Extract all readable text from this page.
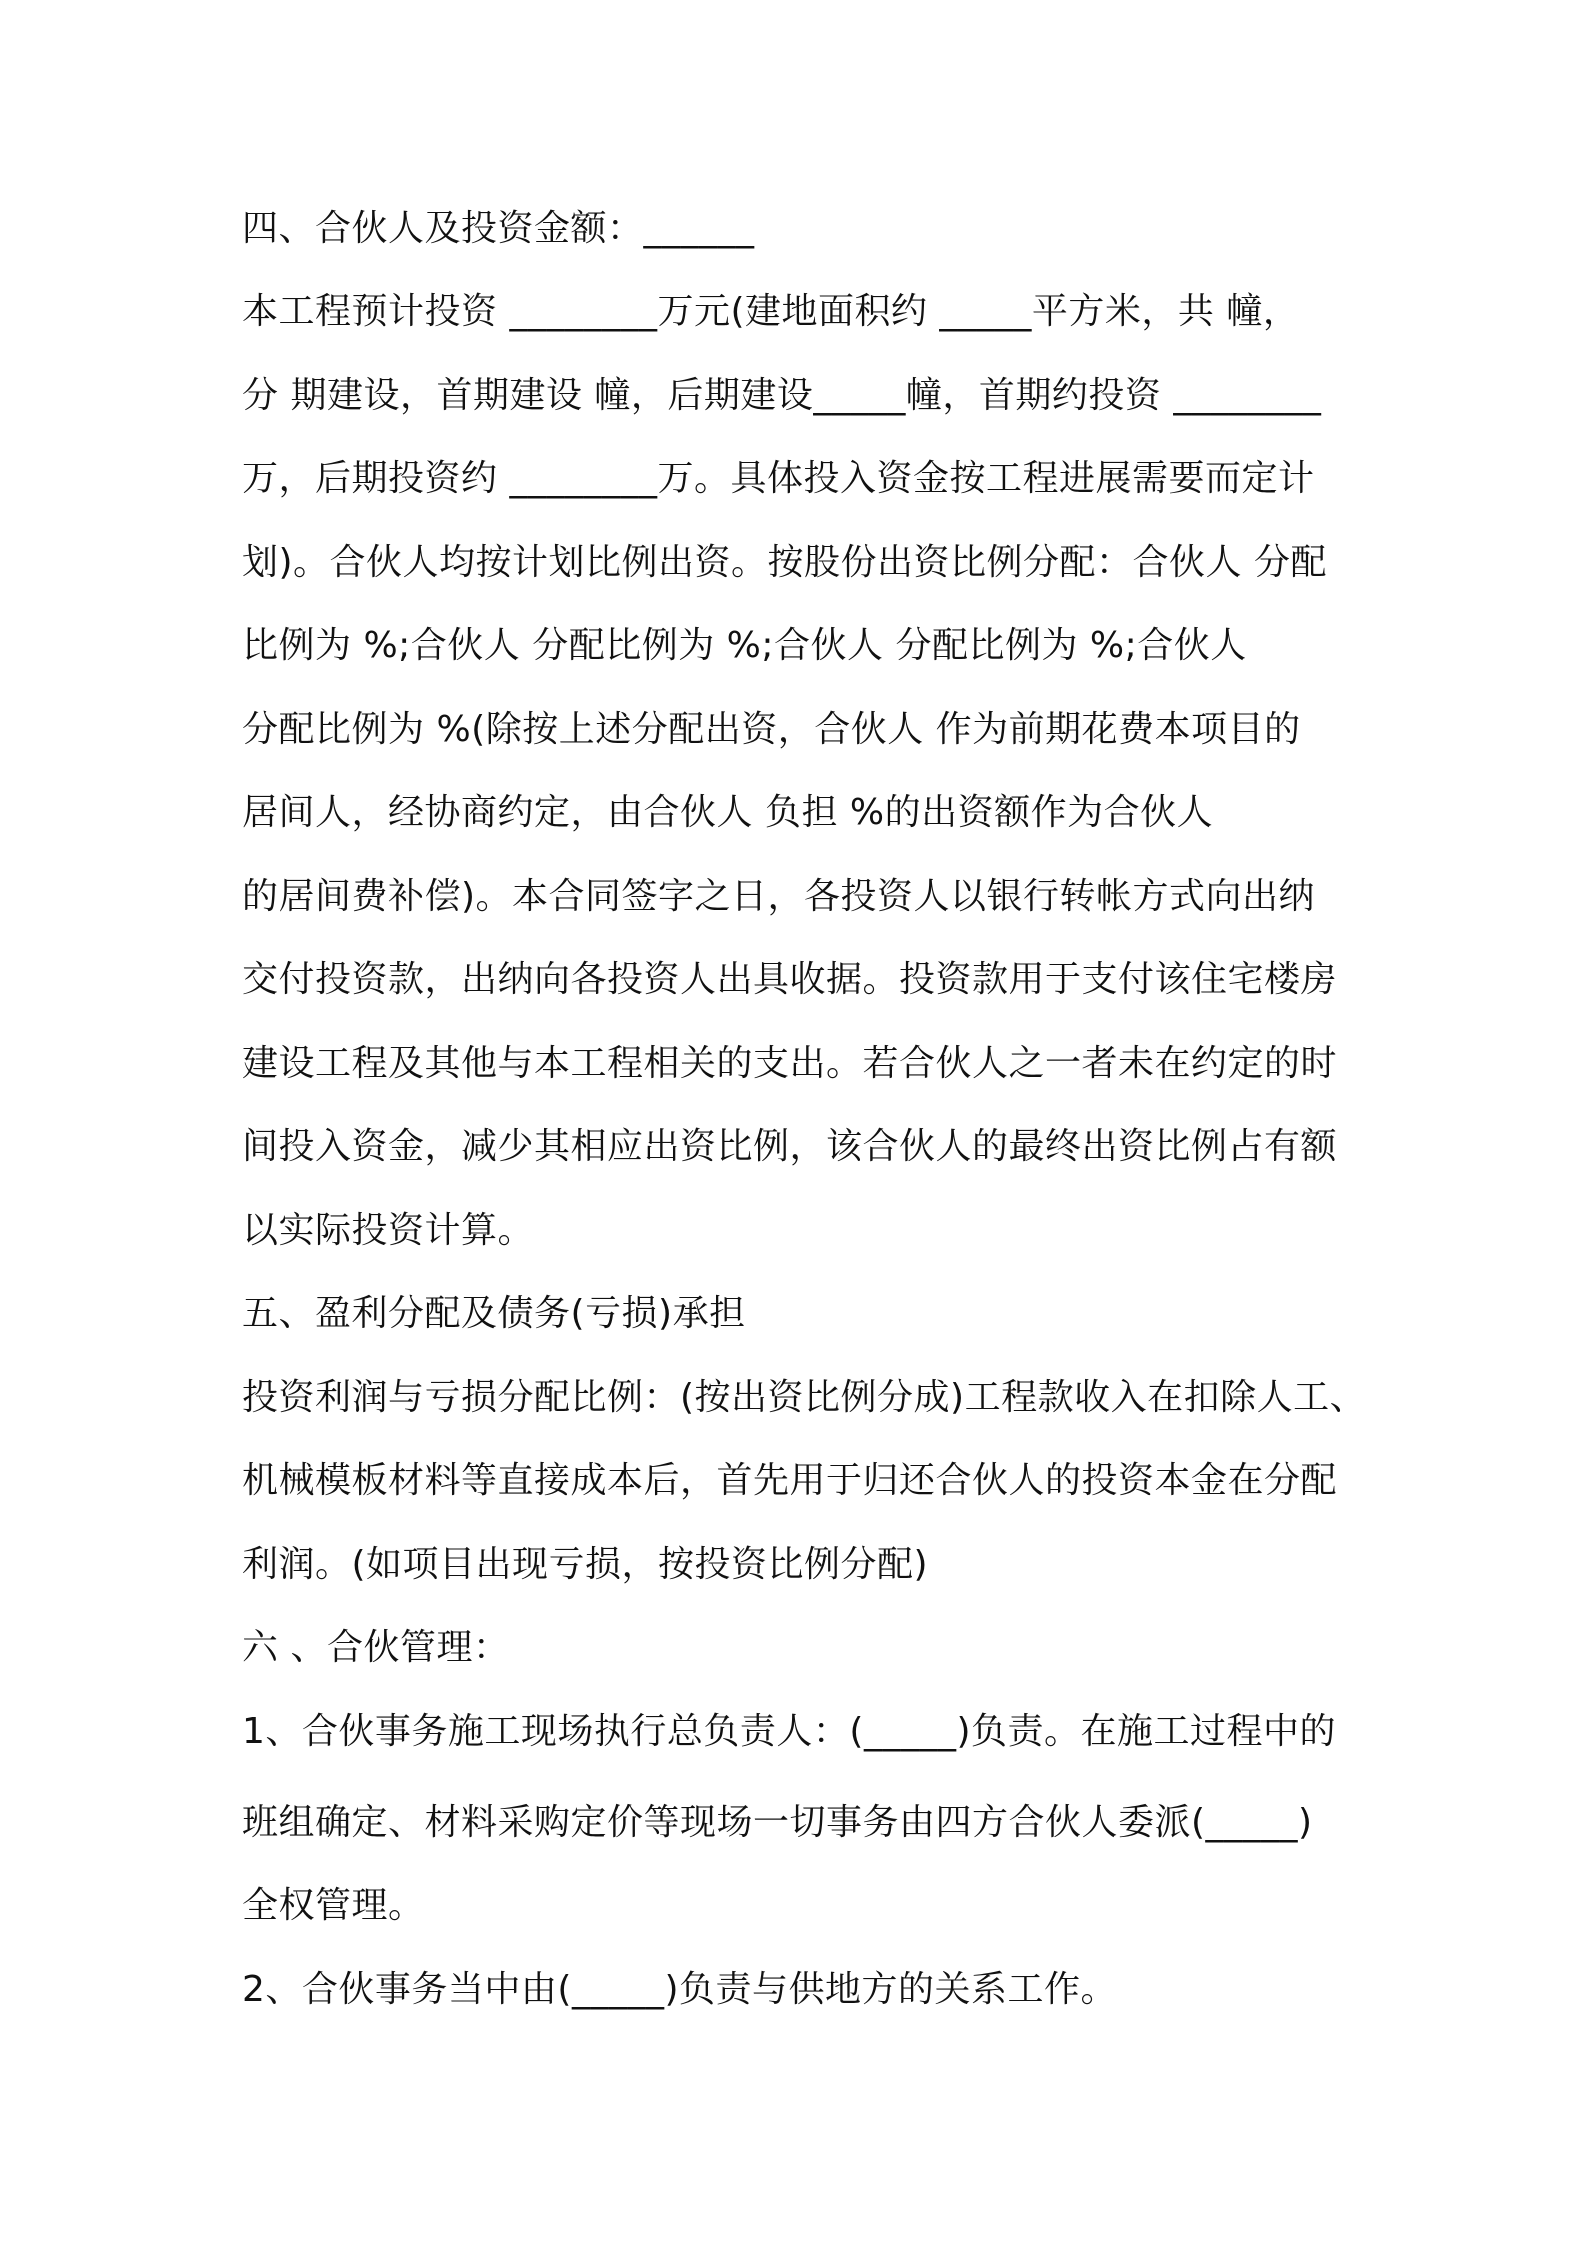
四、合伙人及投资金额：______
本工程预计投资 ________万元(建地面积约 _____平方米，共 幢，
分 期建设，首期建设 幢，后期建设_____幢，首期约投资 ________
万，后期投资约 ________万。具体投入资金按工程进展需要而定计
划)。合伙人均按计划比例出资。按股份出资比例分配：合伙人 分配
比例为 %;合伙人 分配比例为 %;合伙人 分配比例为 %;合伙人
分配比例为 %(除按上述分配出资，合伙人 作为前期花费本项目的
居间人，经协商约定，由合伙人 负担 %的出资额作为合伙人
的居间费补偿)。本合同签字之日，各投资人以银行转帐方式向出纳
交付投资款，出纳向各投资人出具收据。投资款用于支付该住宅楼房
建设工程及其他与本工程相关的支出。若合伙人之一者未在约定的时
间投入资金，减少其相应出资比例，该合伙人的最终出资比例占有额
以实际投资计算。
五、盈利分配及债务(亏损)承担
投资利润与亏损分配比例：(按出资比例分成)工程款收入在扣除人工、
机械模板材料等直接成本后，首先用于归还合伙人的投资本金在分配
利润。(如项目出现亏损，按投资比例分配)
六 、合伙管理：
1、合伙事务施工现场执行总负责人：(_____)负责。在施工过程中的
班组确定、材料采购定价等现场一切事务由四方合伙人委派(_____)
全权管理。
2、合伙事务当中由(_____)负责与供地方的关系工作。
